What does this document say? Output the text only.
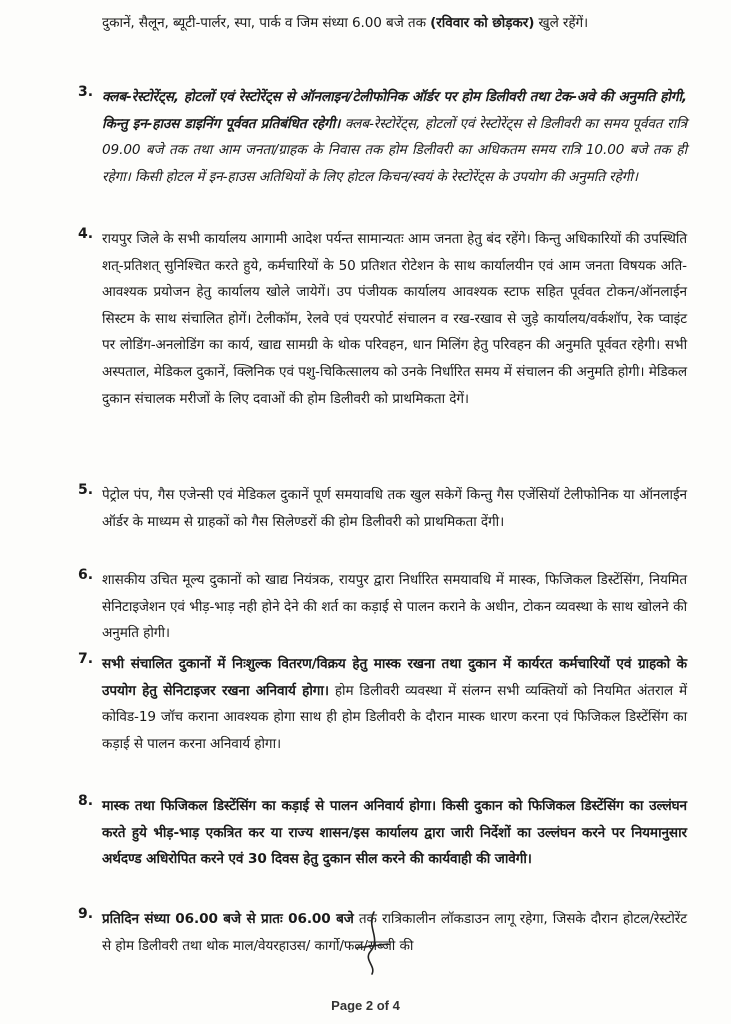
दुकानें, सैलून, ब्यूटी-पार्लर, स्पा, पार्क व जिम संध्या 6.00 बजे तक (रविवार को छोड़कर) खुले रहेंगें।
3. क्लब-रेस्टोरेंट्स, होटलों एवं रेस्टोरेंट्स से ऑनलाइन/टेलीफोनिक ऑर्डर पर होम डिलीवरी तथा टेक-अवे की अनुमति होगी, किन्तु इन-हाउस डाइनिंग पूर्ववत प्रतिबंधित रहेगी। क्लब-रेस्टोरेंट्स, होटलों एवं रेस्टोरेंट्स से डिलीवरी का समय पूर्ववत रात्रि 09.00 बजे तक तथा आम जनता/ग्राहक के निवास तक होम डिलीवरी का अधिकतम समय रात्रि 10.00 बजे तक ही रहेगा। किसी होटल में इन-हाउस अतिथियों के लिए होटल किचन/स्वयं के रेस्टोरेंट्स के उपयोग की अनुमति रहेगी।
4. रायपुर जिले के सभी कार्यालय आगामी आदेश पर्यन्त सामान्यतः आम जनता हेतु बंद रहेंगे। किन्तु अधिकारियों की उपस्थिति शत्-प्रतिशत् सुनिश्चित करते हुये, कर्मचारियों के 50 प्रतिशत रोटेशन के साथ कार्यालयीन एवं आम जनता विषयक अति-आवश्यक प्रयोजन हेतु कार्यालय खोले जायेगें। उप पंजीयक कार्यालय आवश्यक स्टाफ सहित पूर्ववत टोकन/ऑनलाईन सिस्टम के साथ संचालित होगें। टेलीकॉम, रेलवे एवं एयरपोर्ट संचालन व रख-रखाव से जुड़े कार्यालय/वर्कशॉप, रेक प्वाइंट पर लोडिंग-अनलोडिंग का कार्य, खाद्य सामग्री के थोक परिवहन, धान मिलिंग हेतु परिवहन की अनुमति पूर्ववत रहेगी। सभी अस्पताल, मेडिकल दुकानें, क्लिनिक एवं पशु-चिकित्सालय को उनके निर्धारित समय में संचालन की अनुमति होगी। मेडिकल दुकान संचालक मरीजों के लिए दवाओं की होम डिलीवरी को प्राथमिकता देगें।
5. पेट्रोल पंप, गैस एजेन्सी एवं मेडिकल दुकानें पूर्ण समयावधि तक खुल सकेगें किन्तु गैस एजेंसियॉ टेलीफोनिक या ऑनलाईन ऑर्डर के माध्यम से ग्राहकों को गैस सिलेण्डरों की होम डिलीवरी को प्राथमिकता देंगी।
6. शासकीय उचित मूल्य दुकानों को खाद्य नियंत्रक, रायपुर द्वारा निर्धारित समयावधि में मास्क, फिजिकल डिस्टेंसिंग, नियमित सेनिटाइजेशन एवं भीड़-भाड़ नही होने देने की शर्त का कड़ाई से पालन कराने के अधीन, टोकन व्यवस्था के साथ खोलने की अनुमति होगी।
7. सभी संचालित दुकानों में निःशुल्क वितरण/विक्रय हेतु मास्क रखना तथा दुकान में कार्यरत कर्मचारियों एवं ग्राहको के उपयोग हेतु सेनिटाइजर रखना अनिवार्य होगा। होम डिलीवरी व्यवस्था में संलग्न सभी व्यक्तियों को नियमित अंतराल में कोविड-19 जॉच कराना आवश्यक होगा साथ ही होम डिलीवरी के दौरान मास्क धारण करना एवं फिजिकल डिस्टेंसिंग का कड़ाई से पालन करना अनिवार्य होगा।
8. मास्क तथा फिजिकल डिस्टेंसिंग का कड़ाई से पालन अनिवार्य होगा। किसी दुकान को फिजिकल डिस्टेंसिंग का उल्लंघन करते हुये भीड़-भाड़ एकत्रित कर या राज्य शासन/इस कार्यालय द्वारा जारी निर्देशों का उल्लंघन करने पर नियमानुसार अर्थदण्ड अधिरोपित करने एवं 30 दिवस हेतु दुकान सील करने की कार्यवाही की जावेगी।
9. प्रतिदिन संध्या 06.00 बजे से प्रातः 06.00 बजे तक रात्रिकालीन लॉकडाउन लागू रहेगा, जिसके दौरान होटल/रेस्टोरेंट से होम डिलीवरी तथा थोक माल/वेयरहाउस/ कार्गो/फल/सब्जी की
Page 2 of 4
